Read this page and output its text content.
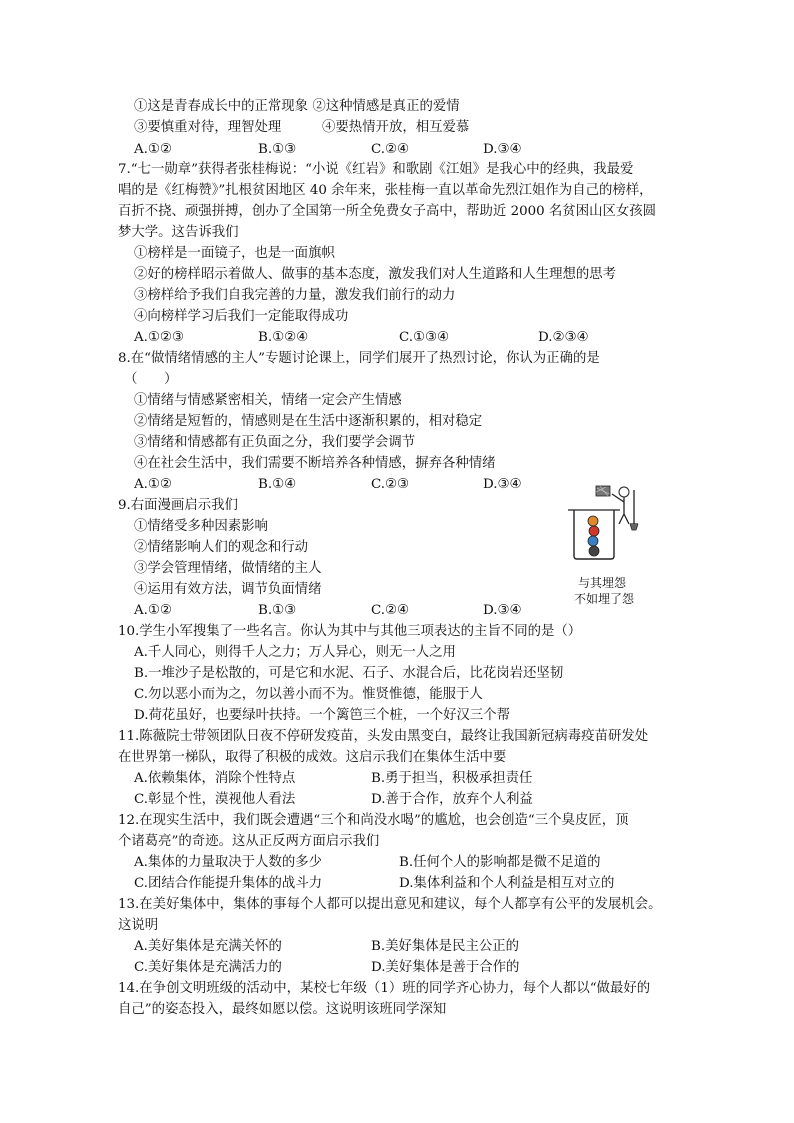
①这是青春成长中的正常现象 ②这种情感是真正的爱情
③要慎重对待，理智处理	④要热情开放，相互爱慕
A.①②	B.①③	C.②④	D.③④
7.“七一勋章”获得者张桂梅说：“小说《红岩》和歌剧《江姐》是我心中的经典，我最爱
唱的是《红梅赞》”扎根贫困地区 40 余年来，张桂梅一直以革命先烈江姐作为自己的榜样，
百折不挠、顽强拼搏，创办了全国第一所全免费女子高中，帮助近 2000 名贫困山区女孩圆
梦大学。这告诉我们
①榜样是一面镜子，也是一面旗帜
②好的榜样昭示着做人、做事的基本态度，激发我们对人生道路和人生理想的思考
③榜样给予我们自我完善的力量，激发我们前行的动力
④向榜样学习后我们一定能取得成功
A.①②③	B.①②④	C.①③④	D.②③④
8.在“做情绪情感的主人”专题讨论课上，同学们展开了热烈讨论，你认为正确的是
（　　）
①情绪与情感紧密相关，情绪一定会产生情感
②情绪是短暂的，情感则是在生活中逐渐积累的，相对稳定
③情绪和情感都有正负面之分，我们要学会调节
④在社会生活中，我们需要不断培养各种情感，摒弃各种情绪
A.①②	B.①④	C.②③	D.③④
9.右面漫画启示我们
①情绪受多种因素影响
②情绪影响人们的观念和行动
③学会管理情绪，做情绪的主人
④运用有效方法，调节负面情绪
A.①②	B.①③	C.②④	D.③④
与其埋怨
不如埋了怨
10.学生小军搜集了一些名言。你认为其中与其他三项表达的主旨不同的是（）
A.千人同心，则得千人之力；万人异心，则无一人之用
B.一堆沙子是松散的，可是它和水泥、石子、水混合后，比花岗岩还坚韧
C.勿以恶小而为之，勿以善小而不为。惟贤惟德，能服于人
D.荷花虽好，也要绿叶扶持。一个篱笆三个桩，一个好汉三个帮
11.陈薇院士带领团队日夜不停研发疫苗，头发由黑变白，最终让我国新冠病毒疫苗研发处
在世界第一梯队，取得了积极的成效。这启示我们在集体生活中要
A.依赖集体，消除个性特点	B.勇于担当，积极承担责任
C.彰显个性，漠视他人看法	D.善于合作，放弃个人利益
12.在现实生活中，我们既会遭遇“三个和尚没水喝”的尴尬，也会创造“三个臭皮匠，顶
个诸葛亮”的奇迹。这从正反两方面启示我们
A.集体的力量取决于人数的多少	B.任何个人的影响都是微不足道的
C.团结合作能提升集体的战斗力	D.集体利益和个人利益是相互对立的
13.在美好集体中，集体的事每个人都可以提出意见和建议，每个人都享有公平的发展机会。
这说明
A.美好集体是充满关怀的	B.美好集体是民主公正的
C.美好集体是充满活力的	D.美好集体是善于合作的
14.在争创文明班级的活动中，某校七年级（1）班的同学齐心协力，每个人都以“做最好的
自己”的姿态投入，最终如愿以偿。这说明该班同学深知
